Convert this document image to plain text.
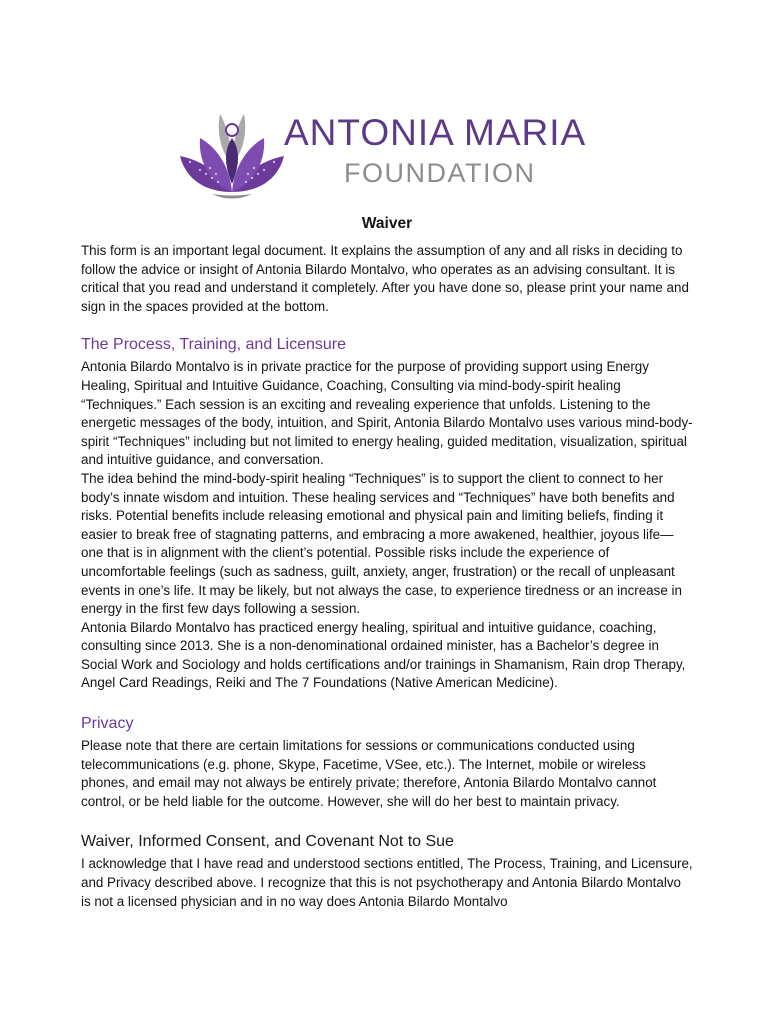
ANTONIA MARIA
FOUNDATION
Waiver

This form is an important legal document. It explains the assumption of any and all risks in deciding to follow the advice or insight of Antonia Bilardo Montalvo, who operates as an advising consultant. It is critical that you read and understand it completely. After you have done so, please print your name and sign in the spaces provided at the bottom.

The Process, Training, and Licensure

Antonia Bilardo Montalvo is in private practice for the purpose of providing support using Energy Healing, Spiritual and Intuitive Guidance, Coaching, Consulting via mind-body-spirit healing “Techniques.” Each session is an exciting and revealing experience that unfolds. Listening to the energetic messages of the body, intuition, and Spirit, Antonia Bilardo Montalvo uses various mind-body-spirit “Techniques” including but not limited to energy healing, guided meditation, visualization, spiritual and intuitive guidance, and conversation.

The idea behind the mind-body-spirit healing “Techniques” is to support the client to connect to her body’s innate wisdom and intuition. These healing services and “Techniques” have both benefits and risks. Potential benefits include releasing emotional and physical pain and limiting beliefs, finding it easier to break free of stagnating patterns, and embracing a more awakened, healthier, joyous life—one that is in alignment with the client’s potential. Possible risks include the experience of uncomfortable feelings (such as sadness, guilt, anxiety, anger, frustration) or the recall of unpleasant events in one’s life. It may be likely, but not always the case, to experience tiredness or an increase in energy in the first few days following a session.

Antonia Bilardo Montalvo has practiced energy healing, spiritual and intuitive guidance, coaching, consulting since 2013. She is a non-denominational ordained minister, has a Bachelor’s degree in Social Work and Sociology and holds certifications and/or trainings in Shamanism, Rain drop Therapy, Angel Card Readings, Reiki and The 7 Foundations (Native American Medicine).

Privacy

Please note that there are certain limitations for sessions or communications conducted using telecommunications (e.g. phone, Skype, Facetime, VSee, etc.). The Internet, mobile or wireless phones, and email may not always be entirely private; therefore, Antonia Bilardo Montalvo cannot control, or be held liable for the outcome. However, she will do her best to maintain privacy.

Waiver, Informed Consent, and Covenant Not to Sue

I acknowledge that I have read and understood sections entitled, The Process, Training, and Licensure, and Privacy described above. I recognize that this is not psychotherapy and Antonia Bilardo Montalvo is not a licensed physician and in no way does Antonia Bilardo Montalvo
